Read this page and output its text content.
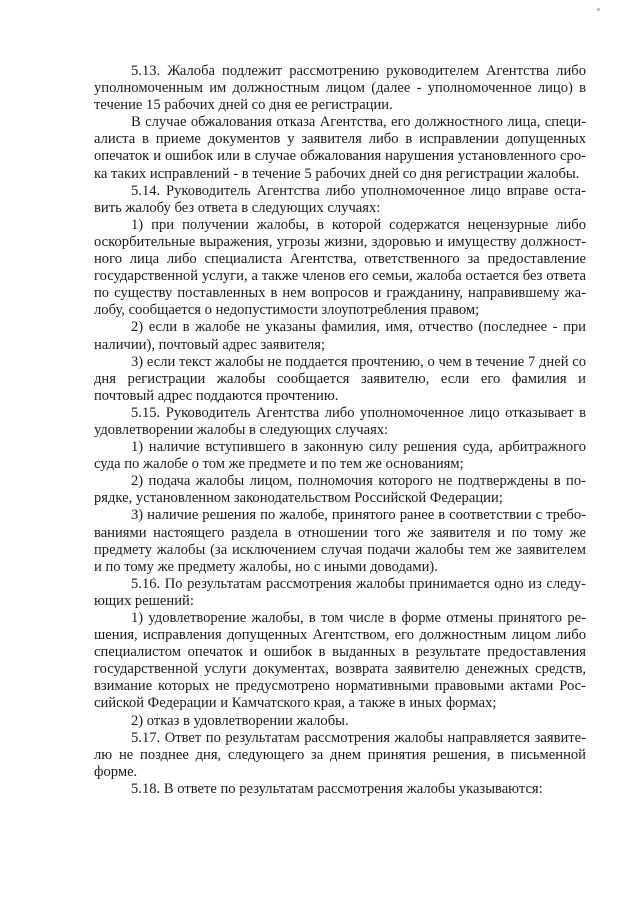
5.13. Жалоба подлежит рассмотрению руководителем Агентства либо уполномоченным им должностным лицом (далее - уполномоченное лицо) в течение 15 рабочих дней со дня ее регистрации.

В случае обжалования отказа Агентства, его должностного лица, специалиста в приеме документов у заявителя либо в исправлении допущенных опечаток и ошибок или в случае обжалования нарушения установленного срока таких исправлений - в течение 5 рабочих дней со дня регистрации жалобы.

5.14. Руководитель Агентства либо уполномоченное лицо вправе остaвить жалобу без ответа в следующих случаях:

1) при получении жалобы, в которой содержатся нецензурные либо оскорбительные выражения, угрозы жизни, здоровью и имуществу должностного лица либо специалиста Агентства, ответственного за предоставление государственной услуги, а также членов его семьи, жалоба остается без ответа по существу поставленных в нем вопросов и гражданину, направившему жалобу, сообщается о недопустимости злоупотребления правом;

2) если в жалобе не указаны фамилия, имя, отчество (последнее - при наличии), почтовый адрес заявителя;

3) если текст жалобы не поддается прочтению, о чем в течение 7 дней со дня регистрации жалобы сообщается заявителю, если его фамилия и почтовый адрес поддаются прочтению.

5.15. Руководитель Агентства либо уполномоченное лицо отказывает в удовлетворении жалобы в следующих случаях:

1) наличие вступившего в законную силу решения суда, арбитражного суда по жалобе о том же предмете и по тем же основаниям;

2) подача жалобы лицом, полномочия которого не подтверждены в порядке, установленном законодательством Российской Федерации;

3) наличие решения по жалобе, принятого ранее в соответствии с требованиями настоящего раздела в отношении того же заявителя и по тому же предмету жалобы (за исключением случая подачи жалобы тем же заявителем и по тому же предмету жалобы, но с иными доводами).

5.16. По результатам рассмотрения жалобы принимается одно из следующих решений:

1) удовлетворение жалобы, в том числе в форме отмены принятого решения, исправления допущенных Агентством, его должностным лицом либо специалистом опечаток и ошибок в выданных в результате предоставления государственной услуги документах, возврата заявителю денежных средств, взимание которых не предусмотрено нормативными правовыми актами Российской Федерации и Камчатского края, а также в иных формах;

2) отказ в удовлетворении жалобы.

5.17. Ответ по результатам рассмотрения жалобы направляется заявителю не позднее дня, следующего за днем принятия решения, в письменной форме.

5.18. В ответе по результатам рассмотрения жалобы указываются:
